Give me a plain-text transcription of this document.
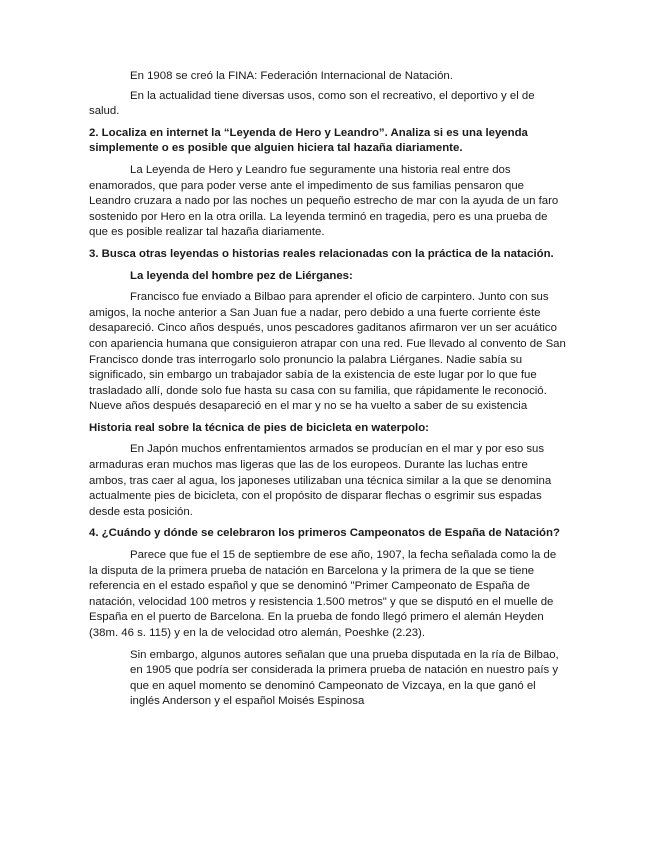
En 1908 se creó la FINA: Federación Internacional de Natación.

En la actualidad tiene diversas usos, como son el recreativo, el deportivo y el de salud.

2. Localiza en internet la “Leyenda de Hero y Leandro”. Analiza si es una leyenda simplemente o es posible que alguien hiciera tal hazaña diariamente.

La Leyenda de Hero y Leandro fue seguramente una historia real entre dos enamorados, que para poder verse ante el impedimento de sus familias pensaron que Leandro cruzara a nado por las noches un pequeño estrecho de mar con la ayuda de un faro sostenido por Hero en la otra orilla. La leyenda terminó en tragedia, pero es una prueba de que es posible realizar tal hazaña diariamente.

3. Busca otras leyendas o historias reales relacionadas con la práctica de la natación.

La leyenda del hombre pez de Liérganes:

Francisco fue enviado a Bilbao para aprender el oficio de carpintero. Junto con sus amigos, la noche anterior a San Juan fue a nadar, pero debido a una fuerte corriente éste desapareció. Cinco años después, unos pescadores gaditanos afirmaron ver un ser acuático con apariencia humana que consiguieron atrapar con una red. Fue llevado al convento de San Francisco donde tras interrogarlo solo pronuncio la palabra Liérganes. Nadie sabía su significado, sin embargo un trabajador sabía de la existencia de este lugar por lo que fue trasladado allí, donde solo fue hasta su casa con su familia, que rápidamente le reconoció. Nueve años después desapareció en el mar y no se ha vuelto a saber de su existencia

Historia real sobre la técnica de pies de bicicleta en waterpolo:

En Japón muchos enfrentamientos armados se producían en el mar y por eso sus armaduras eran muchos mas ligeras que las de los europeos. Durante las luchas entre ambos, tras caer al agua, los japoneses utilizaban una técnica similar a la que se denomina actualmente pies de bicicleta, con el propósito de disparar flechas o esgrimir sus espadas desde esta posición.

4. ¿Cuándo y dónde se celebraron los primeros Campeonatos de España de Natación?

Parece que fue el 15 de septiembre de ese año, 1907, la fecha señalada como la de la disputa de la primera prueba de natación en Barcelona y la primera de la que se tiene referencia en el estado español y que se denominó "Primer Campeonato de España de natación, velocidad 100 metros y resistencia 1.500 metros" y que se disputó en el muelle de España en el puerto de Barcelona. En la prueba de fondo llegó primero el alemán Heyden (38m. 46 s. 115) y en la de velocidad otro alemán, Poeshke (2.23).

Sin embargo, algunos autores señalan que una prueba disputada en la ría de Bilbao, en 1905 que podría ser considerada la primera prueba de natación en nuestro país y que en aquel momento se denominó Campeonato de Vizcaya, en la que ganó el inglés Anderson y el español Moisés Espinosa
